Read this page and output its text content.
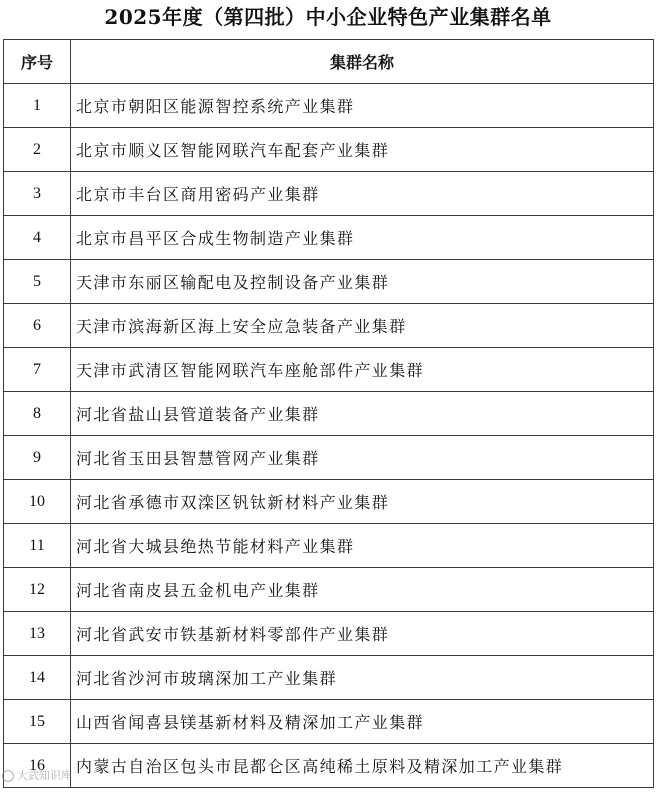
2025年度（第四批）中小企业特色产业集群名单
序号	集群名称
1	北京市朝阳区能源智控系统产业集群
2	北京市顺义区智能网联汽车配套产业集群
3	北京市丰台区商用密码产业集群
4	北京市昌平区合成生物制造产业集群
5	天津市东丽区输配电及控制设备产业集群
6	天津市滨海新区海上安全应急装备产业集群
7	天津市武清区智能网联汽车座舱部件产业集群
8	河北省盐山县管道装备产业集群
9	河北省玉田县智慧管网产业集群
10	河北省承德市双滦区钒钛新材料产业集群
11	河北省大城县绝热节能材料产业集群
12	河北省南皮县五金机电产业集群
13	河北省武安市铁基新材料零部件产业集群
14	河北省沙河市玻璃深加工产业集群
15	山西省闻喜县镁基新材料及精深加工产业集群
16	内蒙古自治区包头市昆都仑区高纯稀土原料及精深加工产业集群
大武知识库
